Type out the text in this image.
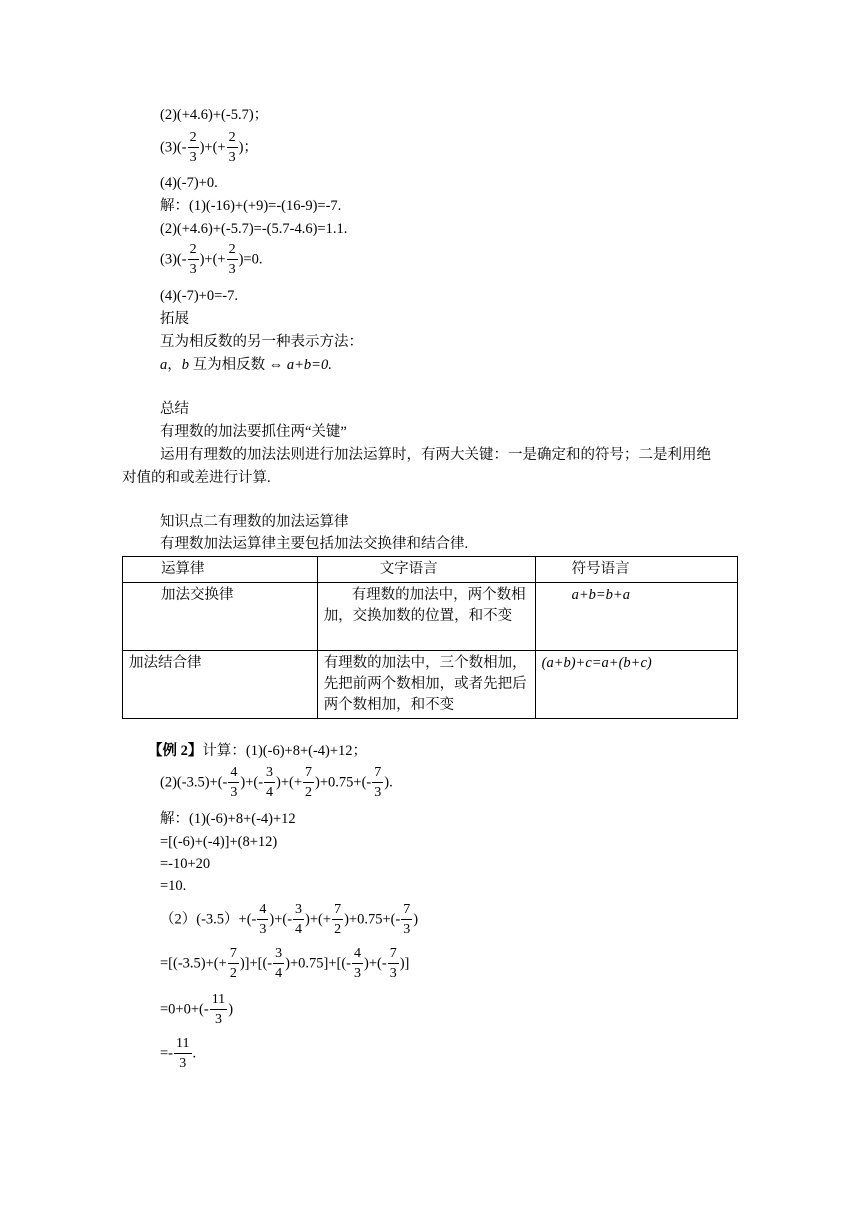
(2)(+4.6)+(-5.7)；
$(3)(- \frac{2}{3}$ )+(+ $\frac{2}{3}$ )；
(4)(-7)+0.
解：(1)(-16)+(+9)=-(16-9)=-7.
(2)(+4.6)+(-5.7)=-(5.7-4.6)=1.1.
$(3)(- \frac{2}{3}$ )+(+ $\frac{2}{3} )=0$.
(4)(-7)+0=-7.
拓展
互为相反数的另一种表示方法：
a，b 互为相反数 ⇔ a+b=0.
总结
有理数的加法要抓住两“关键”
运用有理数的加法法则进行加法运算时，有两大关键：一是确定和的符号；二是利用绝
对值的和或差进行计算.
知识点二有理数的加法运算律
有理数加法运算律主要包括加法交换律和结合律.
运算律	文字语言	符号语言
加法交换律	有理数的加法中，两个数相加，交换加数的位置，和不变	a+b=b+a
加法结合律	有理数的加法中，三个数相加，先把前两个数相加，或者先把后两个数相加，和不变	(a+b)+c=a+(b+c)
【例 2】计算：(1)(-6)+8+(-4)+12；
$(2)(-3.5)+(- \frac{4}{3}$ )+(- $\frac{3}{4}$ )+(+ $\frac{7}{2} )+0.75+(- \frac{7}{3}$ ).
解：(1)(-6)+8+(-4)+12
=[(-6)+(-4)]+(8+12)
=-10+20
=10.
$(2)(-3.5)+(- \frac{4}{3}$ )+(- $\frac{3}{4}$ )+(+ $\frac{7}{2} )+0.75+(- \frac{7}{3}$ )
$=[(-3.5)+(+ \frac{7}{2}$ )]+[(- $\frac{3}{4} )+0.75]+[(- \frac{4}{3}$ )+(- $\frac{7}{3}$ )]
$=0+0+(- \frac{11}{3}$ )
=- $\frac{11}{3}$ .
